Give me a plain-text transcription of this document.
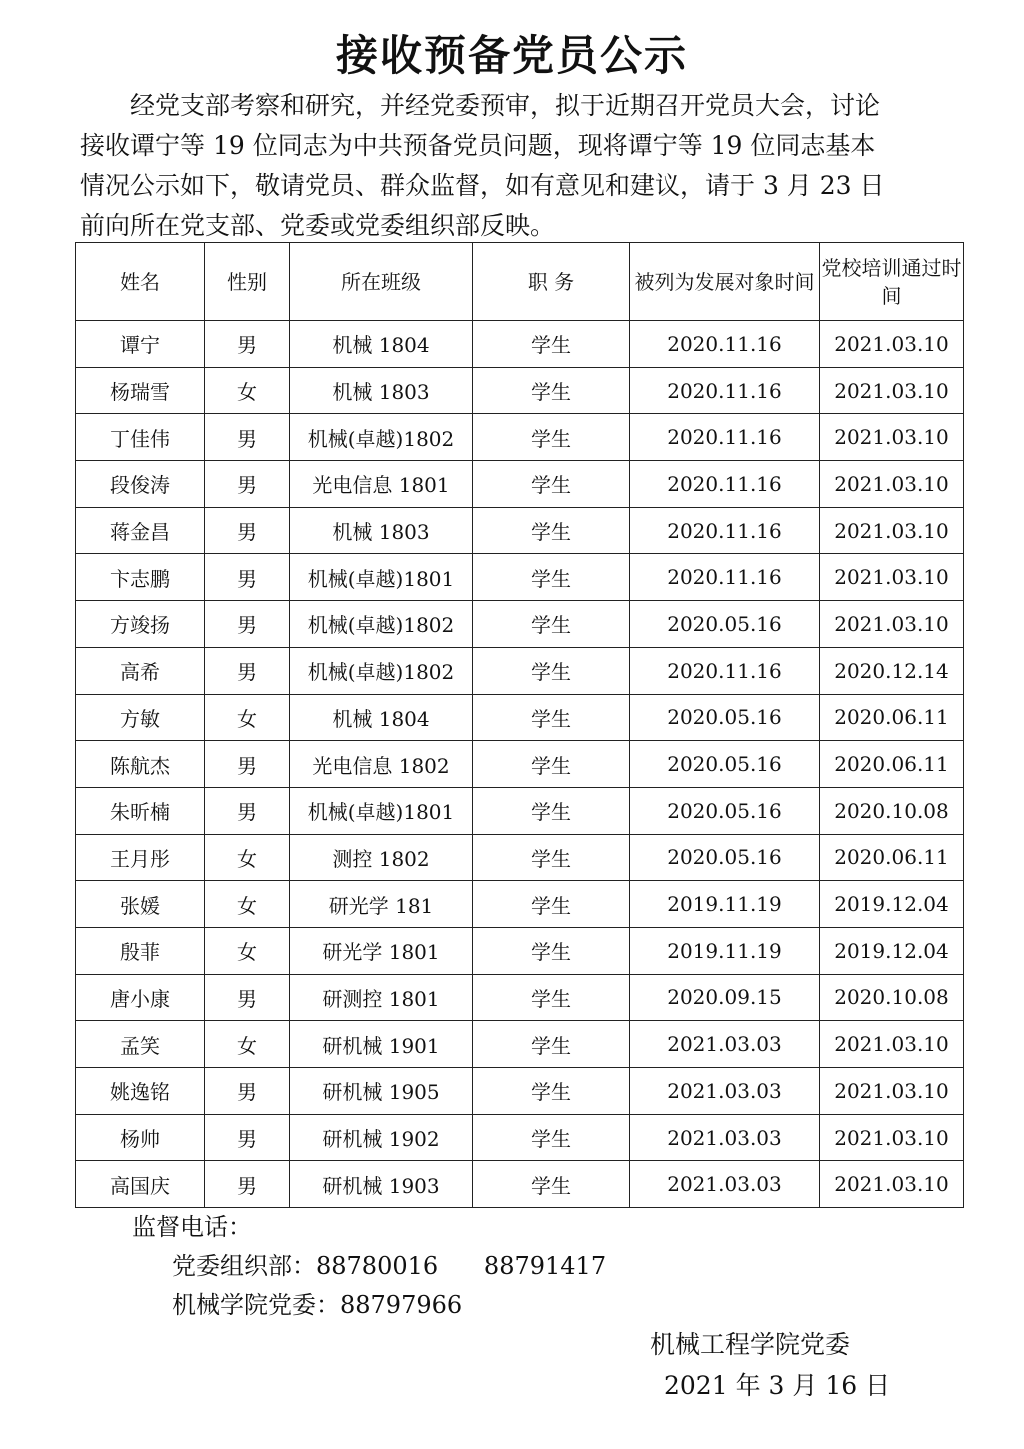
接收预备党员公示

经党支部考察和研究，并经党委预审，拟于近期召开党员大会，讨论接收谭宁等 19 位同志为中共预备党员问题，现将谭宁等 19 位同志基本情况公示如下，敬请党员、群众监督，如有意见和建议，请于 3 月 23 日前向所在党支部、党委或党委组织部反映。

姓名	性别	所在班级	职 务	被列为发展对象时间	党校培训通过时间
谭宁	男	机械 1804	学生	2020.11.16	2021.03.10
杨瑞雪	女	机械 1803	学生	2020.11.16	2021.03.10
丁佳伟	男	机械(卓越)1802	学生	2020.11.16	2021.03.10
段俊涛	男	光电信息 1801	学生	2020.11.16	2021.03.10
蒋金昌	男	机械 1803	学生	2020.11.16	2021.03.10
卞志鹏	男	机械(卓越)1801	学生	2020.11.16	2021.03.10
方竣扬	男	机械(卓越)1802	学生	2020.05.16	2021.03.10
高希	男	机械(卓越)1802	学生	2020.11.16	2020.12.14
方敏	女	机械 1804	学生	2020.05.16	2020.06.11
陈航杰	男	光电信息 1802	学生	2020.05.16	2020.06.11
朱昕楠	男	机械(卓越)1801	学生	2020.05.16	2020.10.08
王月彤	女	测控 1802	学生	2020.05.16	2020.06.11
张媛	女	研光学 181	学生	2019.11.19	2019.12.04
殷菲	女	研光学 1801	学生	2019.11.19	2019.12.04
唐小康	男	研测控 1801	学生	2020.09.15	2020.10.08
孟笑	女	研机械 1901	学生	2021.03.03	2021.03.10
姚逸铭	男	研机械 1905	学生	2021.03.03	2021.03.10
杨帅	男	研机械 1902	学生	2021.03.03	2021.03.10
高国庆	男	研机械 1903	学生	2021.03.03	2021.03.10
监督电话：
党委组织部：88780016      88791417
机械学院党委：88797966
机械工程学院党委
2021 年 3 月 16 日
